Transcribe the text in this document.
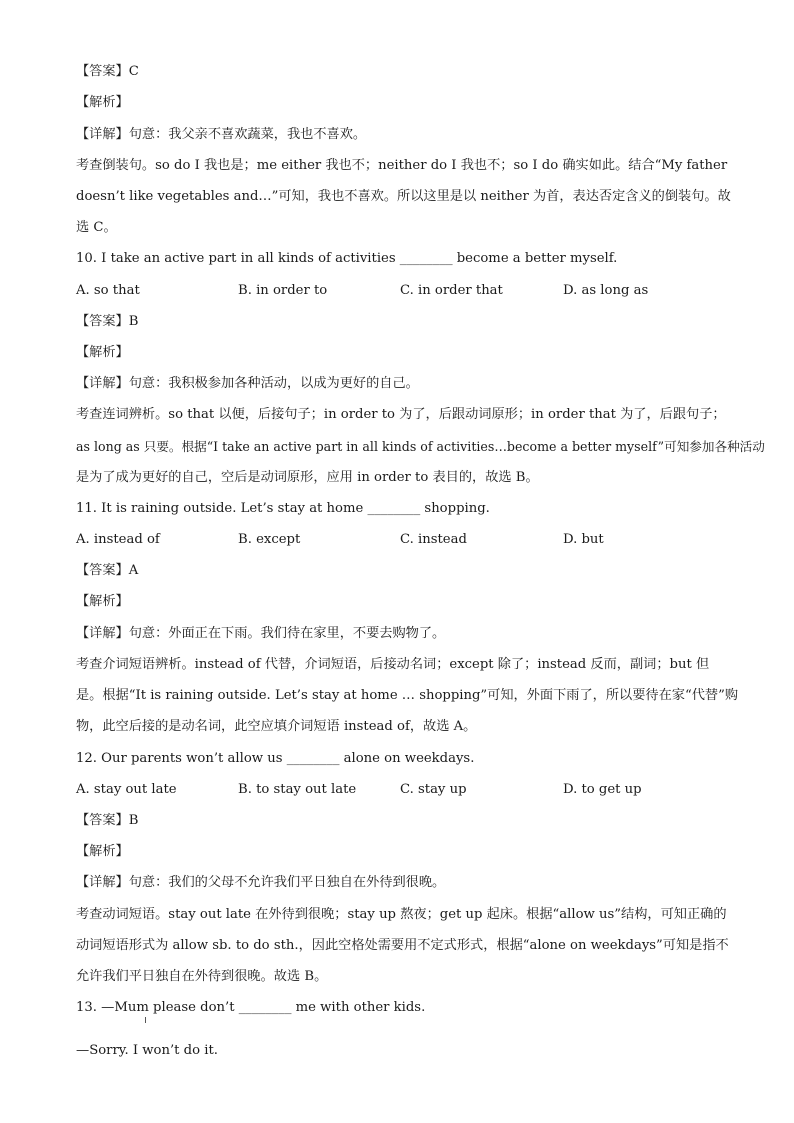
【答案】C
【解析】
【详解】句意：我父亲不喜欢蔬菜，我也不喜欢。
考查倒装句。so do I 我也是；me either 我也不；neither do I 我也不；so I do 确实如此。结合“My father
doesn’t like vegetables and…”可知，我也不喜欢。所以这里是以 neither 为首，表达否定含义的倒装句。故
选 C。
10. I take an active part in all kinds of activities ________ become a better myself.
A. so that	B. in order to	C. in order that	D. as long as
【答案】B
【解析】
【详解】句意：我积极参加各种活动，以成为更好的自己。
考查连词辨析。so that 以便，后接句子；in order to 为了，后跟动词原形；in order that 为了，后跟句子；
as long as 只要。根据“I take an active part in all kinds of activities…become a better myself”可知参加各种活动
是为了成为更好的自己，空后是动词原形，应用 in order to 表目的，故选 B。
11. It is raining outside. Let’s stay at home ________ shopping.
A. instead of	B. except	C. instead	D. but
【答案】A
【解析】
【详解】句意：外面正在下雨。我们待在家里，不要去购物了。
考查介词短语辨析。instead of 代替，介词短语，后接动名词；except 除了；instead 反而，副词；but 但
是。根据“It is raining outside. Let’s stay at home … shopping”可知，外面下雨了，所以要待在家“代替”购
物，此空后接的是动名词，此空应填介词短语 instead of，故选 A。
12. Our parents won’t allow us ________ alone on weekdays.
A. stay out late	B. to stay out late	C. stay up	D. to get up
【答案】B
【解析】
【详解】句意：我们的父母不允许我们平日独自在外待到很晚。
考查动词短语。stay out late 在外待到很晚；stay up 熬夜；get up 起床。根据“allow us”结构，可知正确的
动词短语形式为 allow sb. to do sth.，因此空格处需要用不定式形式，根据“alone on weekdays”可知是指不
允许我们平日独自在外待到很晚。故选 B。
13. —Mum please don’t ________ me with other kids.
—Sorry. I won’t do it.
